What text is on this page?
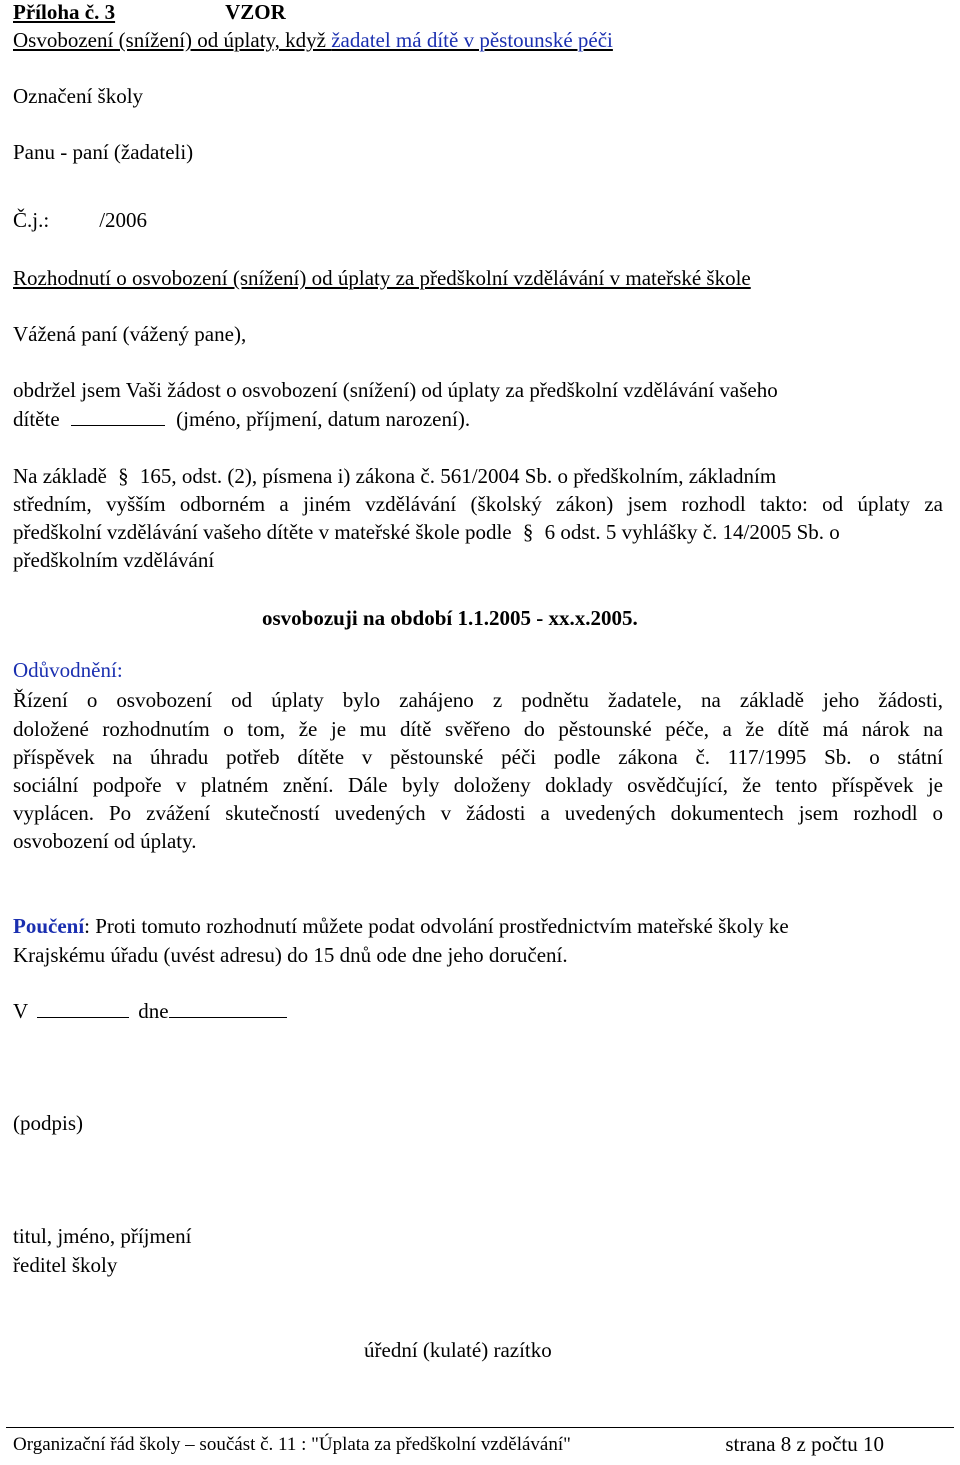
Příloha č. 3	VZOR
Osvobození (snížení) od úplaty, když žadatel má dítě v pěstounské péči
Označení školy
Panu - paní (žadateli)
Č.j.: /2006
Rozhodnutí o osvobození (snížení) od úplaty za předškolní vzdělávání v mateřské škole
Vážená paní (vážený pane),
obdržel jsem Vaši žádost o osvobození (snížení) od úplaty za předškolní vzdělávání vašeho
dítěte	(jméno, příjmení, datum narození).
Na základě § 165, odst. (2), písmena i) zákona č. 561/2004 Sb. o předškolním, základním
středním, vyšším odborném a jiném vzdělávání (školský zákon) jsem rozhodl takto: od úplaty za
předškolní vzdělávání vašeho dítěte v mateřské škole podle § 6 odst. 5 vyhlášky č. 14/2005 Sb. o
předškolním vzdělávání
osvobozuji na období 1.1.2005 - xx.x.2005.
Odůvodnění:
Řízení o osvobození od úplaty bylo zahájeno z podnětu žadatele, na základě jeho žádosti,
doložené rozhodnutím o tom, že je mu dítě svěřeno do pěstounské péče, a že dítě má nárok na
příspěvek na úhradu potřeb dítěte v pěstounské péči podle zákona č. 117/1995 Sb. o státní
sociální podpoře v platném znění. Dále byly doloženy doklady osvědčující, že tento příspěvek je
vyplácen. Po zvážení skutečností uvedených v žádosti a uvedených dokumentech jsem rozhodl o
osvobození od úplaty.
Poučení: Proti tomuto rozhodnutí můžete podat odvolání prostřednictvím mateřské školy ke
Krajskému úřadu (uvést adresu) do 15 dnů ode dne jeho doručení.
V	dne
(podpis)
titul, jméno, příjmení
ředitel školy
úřední (kulaté) razítko
Organizační řád školy – součást č. 11 : "Úplata za předškolní vzdělávání"	strana 8 z počtu 10
